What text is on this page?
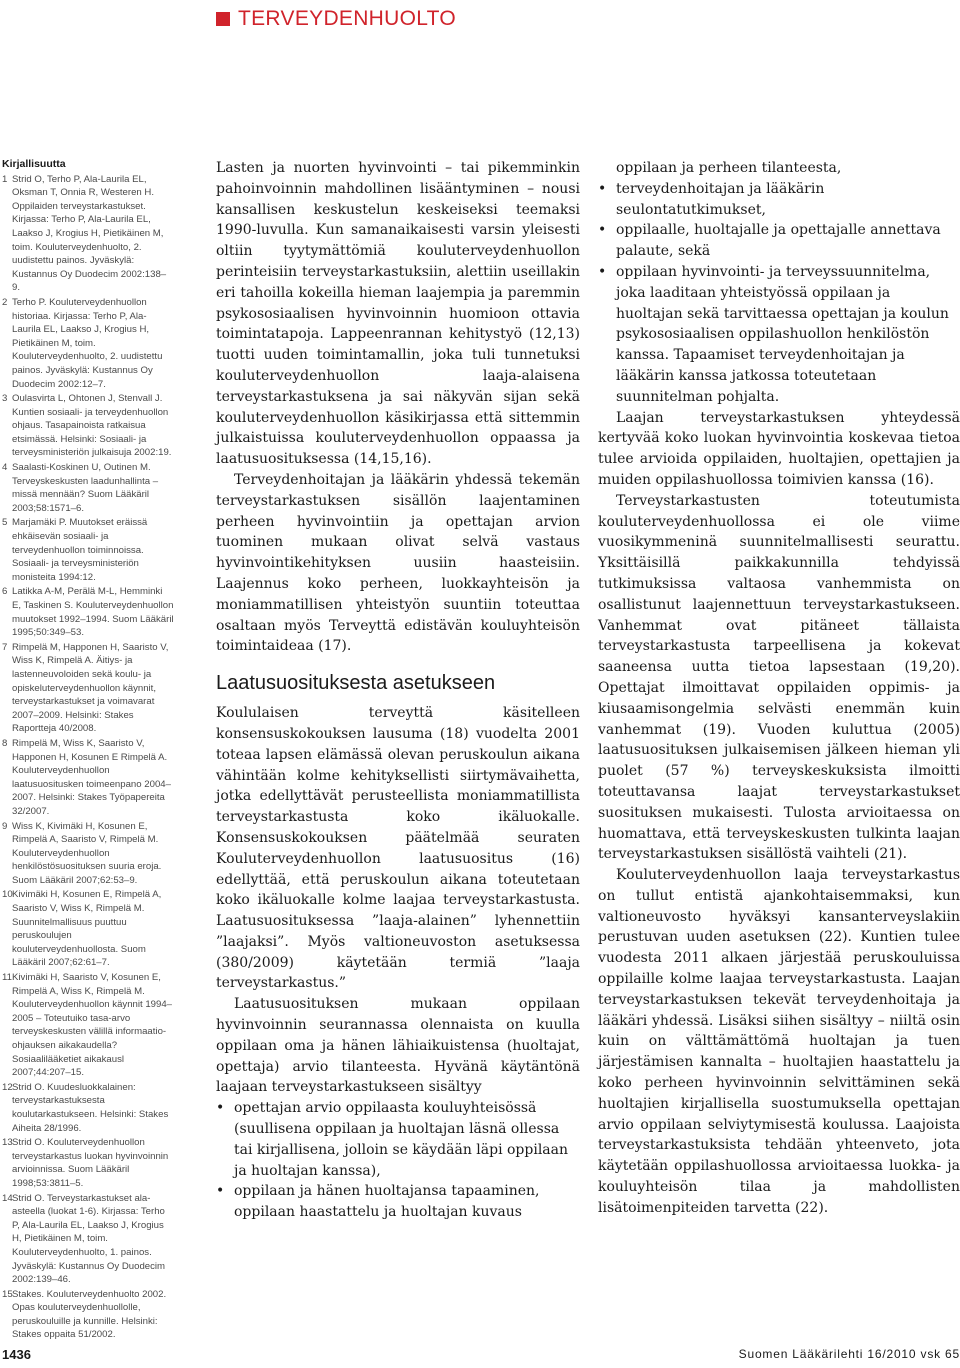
TERVEYDENHUOLTO
Kirjallisuutta
1 Strid O, Terho P, Ala-Laurila EL, Oksman T, Onnia R, Westeren H. Oppilaiden terveystarkastukset. Kirjassa: Terho P, Ala-Laurila EL, Laakso J, Krogius H, Pietikäinen M, toim. Kouluterveydenhuolto, 2. uudistettu painos. Jyväskylä: Kustannus Oy Duodecim 2002:138–9.
2 Terho P. Kouluterveydenhuollon historiaa. Kirjassa: Terho P, Ala-Laurila EL, Laakso J, Krogius H, Pietikäinen M, toim. Kouluterveydenhuolto, 2. uudistettu painos. Jyväskylä: Kustannus Oy Duodecim 2002:12–7.
3 Oulasvirta L, Ohtonen J, Stenvall J. Kuntien sosiaali- ja terveydenhuollon ohjaus. Tasapainoista ratkaisua etsimässä. Helsinki: Sosiaali- ja terveysministeriön julkaisuja 2002:19.
4 Saalasti-Koskinen U, Outinen M. Terveyskeskusten laadunhallinta – missä mennään? Suom Lääkäril 2003;58:1571–6.
5 Marjamäki P. Muutokset eräissä ehkäisevän sosiaali- ja terveydenhuollon toiminnoissa. Sosiaali- ja terveysministeriön monisteita 1994:12.
6 Latikka A-M, Perälä M-L, Hemminki E, Taskinen S. Kouluterveydenhuollon muutokset 1992–1994. Suom Lääkäril 1995;50:349–53.
7 Rimpelä M, Happonen H, Saaristo V, Wiss K, Rimpelä A. Äitiys- ja lastenneuvoloiden sekä koulu- ja opiskeluterveydenhuollon käynnit, terveystarkastukset ja voimavarat 2007–2009. Helsinki: Stakes Raportteja 40/2008.
8 Rimpelä M, Wiss K, Saaristo V, Happonen H, Kosunen E Rimpelä A. Kouluterveydenhuollon laatusuositusken toimeenpano 2004–2007. Helsinki: Stakes Työpapereita 32/2007.
9 Wiss K, Kivimäki H, Kosunen E, Rimpelä A, Saaristo V, Rimpelä M. Kouluterveydenhuollon henkilöstösuosituksen suuria eroja. Suom Lääkäril 2007;62:53–9.
10 Kivimäki H, Kosunen E, Rimpelä A, Saaristo V, Wiss K, Rimpelä M. Suunnitelmallisuus puuttuu peruskoulujen kouluterveydenhuollosta. Suom Lääkäril 2007;62:61–7.
11 Kivimäki H, Saaristo V, Kosunen E, Rimpelä A, Wiss K, Rimpelä M. Kouluterveydenhuollon käynnit 1994–2005 – Toteutuiko tasa-arvo terveyskeskusten välillä informaatio-ohjauksen aikakaudella? Sosiaalilääketiet aikakausl 2007;44:207–15.
12 Strid O. Kuudesluokkalainen: terveystarkastuksesta koulutarkastukseen. Helsinki: Stakes Aiheita 28/1996.
13 Strid O. Kouluterveydenhuollon terveystarkastus luokan hyvinvoinnin arvioinnissa. Suom Lääkäril 1998;53:3811–5.
14 Strid O. Terveystarkastukset ala-asteella (luokat 1-6). Kirjassa: Terho P, Ala-Laurila EL, Laakso J, Krogius H, Pietikäinen M, toim. Kouluterveydenhuolto, 1. painos. Jyväskylä: Kustannus Oy Duodecim 2002:139–46.
15 Stakes. Kouluterveydenhuolto 2002. Opas kouluterveydenhuollolle, peruskouluille ja kunnille. Helsinki: Stakes oppaita 51/2002.

Lasten ja nuorten hyvinvointi – tai pikemminkin pahoinvoinnin mahdollinen lisääntyminen – nousi kansallisen keskustelun keskeiseksi teemaksi 1990-luvulla. Kun samanaikaisesti varsin yleisesti oltiin tyytymättömiä kouluterveydenhuollon perinteisiin terveystarkastuksiin, alettiin useillakin eri tahoilla kokeilla hieman laajempia ja paremmin psykososiaalisen hyvinvoinnin huomioon ottavia toimintatapoja. Lappeenrannan kehitystyö (12,13) tuotti uuden toimintamallin, joka tuli tunnetuksi kouluterveydenhuollon laaja-alaisena terveystarkastuksena ja sai näkyvän sijan sekä kouluterveydenhuollon käsikirjassa että sittemmin julkaistuissa kouluterveydenhuollon oppaassa ja laatusuosituksessa (14,15,16).

Terveydenhoitajan ja lääkärin yhdessä tekemän terveystarkastuksen sisällön laajentaminen perheen hyvinvointiin ja opettajan arvion tuominen mukaan olivat selvä vastaus hyvinvointikehityksen uusiin haasteisiin. Laajennus koko perheen, luokkayhteisön ja moniammatillisen yhteistyön suuntiin toteuttaa osaltaan myös Terveyttä edistävän kouluyhteisön toimintaideaa (17).

Laatusuosituksesta asetukseen

Koululaisen terveyttä käsitelleen konsensuskokouksen lausuma (18) vuodelta 2001 toteaa lapsen elämässä olevan peruskoulun aikana vähintään kolme kehityksellisti siirtymävaihetta, jotka edellyttävät perusteellista moniammatillista terveystarkastusta koko ikäluokalle. Konsensuskokouksen päätelmää seuraten Kouluterveydenhuollon laatusuositus (16) edellyttää, että peruskoulun aikana toteutetaan koko ikäluokalle kolme laajaa terveystarkastusta. Laatusuosituksessa ”laaja-alainen” lyhennettiin ”laajaksi”. Myös valtioneuvoston asetuksessa (380/2009) käytetään termiä ”laaja terveystarkastus.”

Laatusuosituksen mukaan oppilaan hyvinvoinnin seurannassa olennaista on kuulla oppilaan oma ja hänen lähiaikuistensa (huoltajat, opettaja) arvio tilanteesta. Hyvänä käytäntönä laajaan terveystarkastukseen sisältyy

• opettajan arvio oppilaasta kouluyhteisössä (suullisena oppilaan ja huoltajan läsnä ollessa tai kirjallisena, jolloin se käydään läpi oppilaan ja huoltajan kanssa),
• oppilaan ja hänen huoltajansa tapaaminen, oppilaan haastattelu ja huoltajan kuvaus
oppilaan ja perheen tilanteesta,
• terveydenhoitajan ja lääkärin seulontatutkimukset,
• oppilaalle, huoltajalle ja opettajalle annettava palaute, sekä
• oppilaan hyvinvointi- ja terveyssuunnitelma, joka laaditaan yhteistyössä oppilaan ja huoltajan sekä tarvittaessa opettajan ja koulun psykososiaalisen oppilashuollon henkilöstön kanssa. Tapaamiset terveydenhoitajan ja lääkärin kanssa jatkossa toteutetaan suunnitelman pohjalta.

Laajan terveystarkastuksen yhteydessä kertyvää koko luokan hyvinvointia koskevaa tietoa tulee arvioida oppilaiden, huoltajien, opettajien ja muiden oppilashuollossa toimivien kanssa (16).

Terveystarkastusten toteutumista kouluterveydenhuollossa ei ole viime vuosikymmeninä suunnitelmallisesti seurattu. Yksittäisillä paikkakunnilla tehdyissä tutkimuksissa valtaosa vanhemmista on osallistunut laajennettuun terveystarkastukseen. Vanhemmat ovat pitäneet tällaista terveystarkastusta tarpeellisena ja kokevat saaneensa uutta tietoa lapsestaan (19,20). Opettajat ilmoittavat oppilaiden oppimis- ja kiusaamisongelmia selvästi enemmän kuin vanhemmat (19). Vuoden kuluttua (2005) laatusuosituksen julkaisemisen jälkeen hieman yli puolet (57 %) terveyskeskuksista ilmoitti toteuttavansa laajat terveystarkastukset suosituksen mukaisesti. Tulosta arvioitaessa on huomattava, että terveyskeskusten tulkinta laajan terveystarkastuksen sisällöstä vaihteli (21).

Kouluterveydenhuollon laaja terveystarkastus on tullut entistä ajankohtaisemmaksi, kun valtioneuvosto hyväksyi kansanterveyslakiin perustuvan uuden asetuksen (22). Kuntien tulee vuodesta 2011 alkaen järjestää peruskouluissa oppilaille kolme laajaa terveystarkastusta. Laajan terveystarkastuksen tekevät terveydenhoitaja ja lääkäri yhdessä. Lisäksi siihen sisältyy – niiltä osin kuin on välttämättömä huoltajan ja tuen järjestämisen kannalta – huoltajien haastattelu ja koko perheen hyvinvoinnin selvittäminen sekä huoltajien kirjallisella suostumuksella opettajan arvio oppilaan selviytymisestä koulussa. Laajoista terveystarkastuksista tehdään yhteenveto, jota käytetään oppilashuollossa arvioitaessa luokka- ja kouluyhteisön tilaa ja mahdollisten lisätoimenpiteiden tarvetta (22).

1436	Suomen Lääkärilehti 16/2010 vsk 65
